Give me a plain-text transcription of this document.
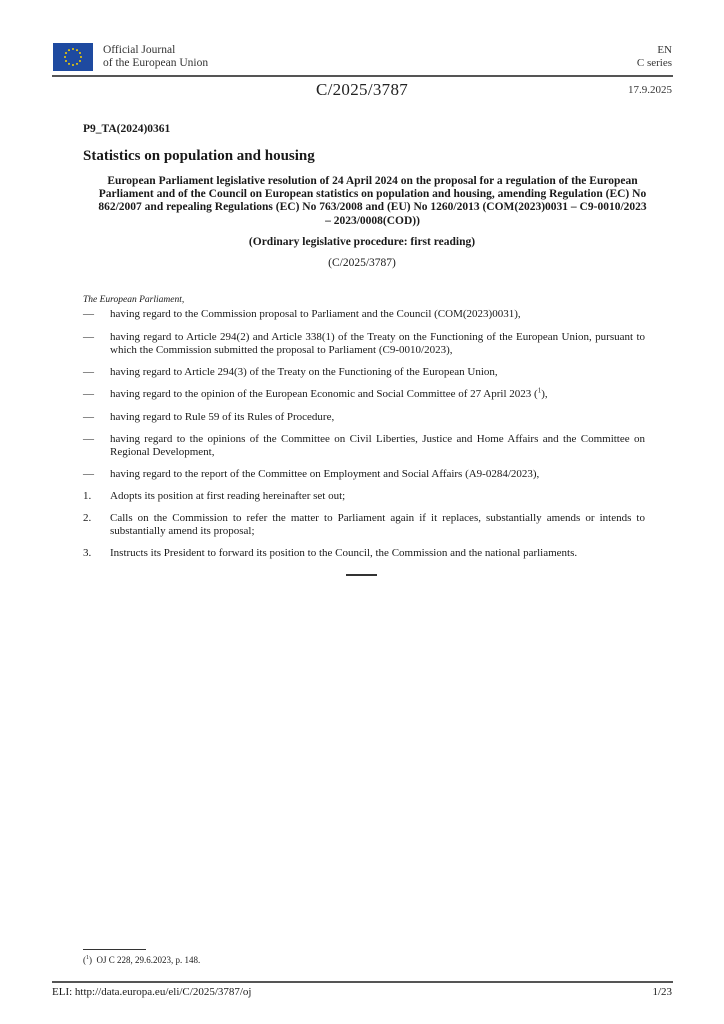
Official Journal
of the European Union
EN
C series
C/2025/3787	17.9.2025
P9_TA(2024)0361
Statistics on population and housing
European Parliament legislative resolution of 24 April 2024 on the proposal for a regulation of the European Parliament and of the Council on European statistics on population and housing, amending Regulation (EC) No 862/2007 and repealing Regulations (EC) No 763/2008 and (EU) No 1260/2013 (COM(2023)0031 – C9-0010/2023 – 2023/0008(COD))
(Ordinary legislative procedure: first reading)
(C/2025/3787)
The European Parliament,
—	having regard to the Commission proposal to Parliament and the Council (COM(2023)0031),
—	having regard to Article 294(2) and Article 338(1) of the Treaty on the Functioning of the European Union, pursuant to which the Commission submitted the proposal to Parliament (C9-0010/2023),
—	having regard to Article 294(3) of the Treaty on the Functioning of the European Union,
—	having regard to the opinion of the European Economic and Social Committee of 27 April 2023 ($^1$),
—	having regard to Rule 59 of its Rules of Procedure,
—	having regard to the opinions of the Committee on Civil Liberties, Justice and Home Affairs and the Committee on Regional Development,
—	having regard to the report of the Committee on Employment and Social Affairs (A9-0284/2023),
1.	Adopts its position at first reading hereinafter set out;
2.	Calls on the Commission to refer the matter to Parliament again if it replaces, substantially amends or intends to substantially amend its proposal;
3.	Instructs its President to forward its position to the Council, the Commission and the national parliaments.
($^1$) OJ C 228, 29.6.2023, p. 148.
ELI: http://data.europa.eu/eli/C/2025/3787/oj	1/23
